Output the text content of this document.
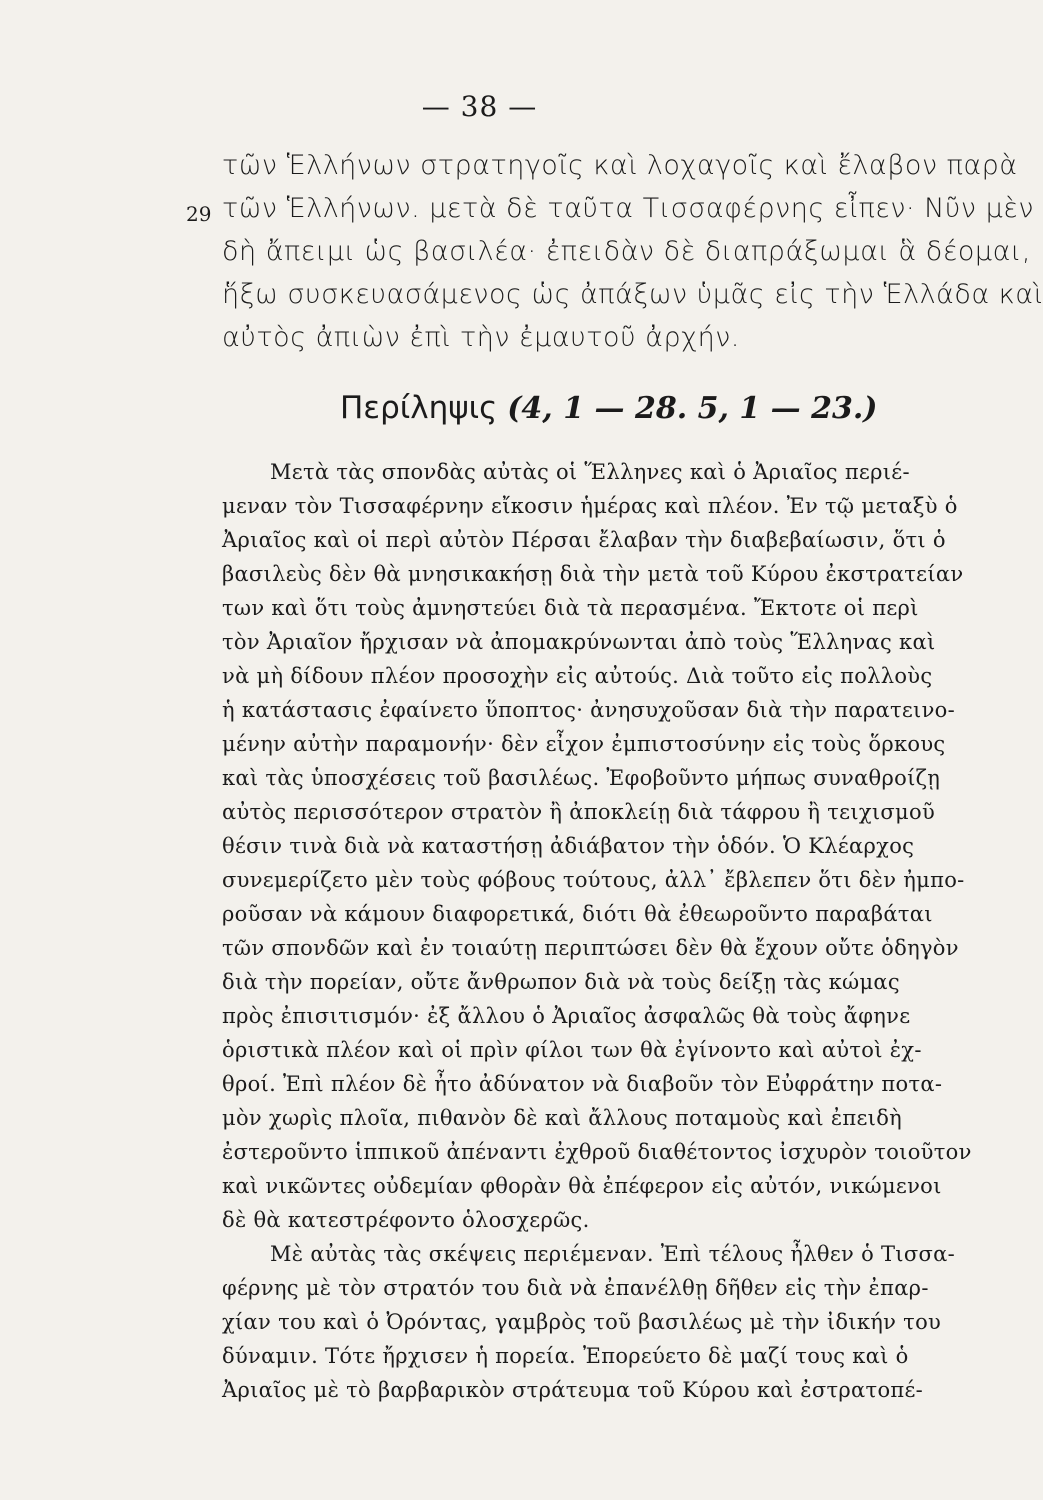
— 38 —
29
τῶν Ἑλλήνων στρατηγοῖς καὶ λοχαγοῖς καὶ ἔλαβον παρὰ
τῶν Ἑλλήνων. μετὰ δὲ ταῦτα Τισσαφέρνης εἶπεν· Νῦν μὲν
δὴ ἄπειμι ὡς βασιλέα· ἐπειδὰν δὲ διαπράξωμαι ἃ δέομαι,
ἥξω συσκευασάμενος ὡς ἀπάξων ὑμᾶς εἰς τὴν Ἑλλάδα καὶ
αὐτὸς ἀπιὼν ἐπὶ τὴν ἐμαυτοῦ ἀρχήν.
Περίληψις (4, 1 — 28. 5, 1 — 23.)
Μετὰ τὰς σπονδὰς αὐτὰς οἱ Ἕλληνες καὶ ὁ Ἀριαῖος περιέ-
μεναν τὸν Τισσαφέρνην εἴκοσιν ἡμέρας καὶ πλέον. Ἐν τῷ μεταξὺ ὁ
Ἀριαῖος καὶ οἱ περὶ αὐτὸν Πέρσαι ἔλαβαν τὴν διαβεβαίωσιν, ὅτι ὁ
βασιλεὺς δὲν θὰ μνησικακήσῃ διὰ τὴν μετὰ τοῦ Κύρου ἐκστρατείαν
των καὶ ὅτι τοὺς ἀμνηστεύει διὰ τὰ περασμένα. Ἔκτοτε οἱ περὶ
τὸν Ἀριαῖον ἤρχισαν νὰ ἀπομακρύνωνται ἀπὸ τοὺς Ἕλληνας καὶ
νὰ μὴ δίδουν πλέον προσοχὴν εἰς αὐτούς. Διὰ τοῦτο εἰς πολλοὺς
ἡ κατάστασις ἐφαίνετο ὕποπτος· ἀνησυχοῦσαν διὰ τὴν παρατεινο-
μένην αὐτὴν παραμονήν· δὲν εἶχον ἐμπιστοσύνην εἰς τοὺς ὅρκους
καὶ τὰς ὑποσχέσεις τοῦ βασιλέως. Ἐφοβοῦντο μήπως συναθροίζῃ
αὐτὸς περισσότερον στρατὸν ἢ ἀποκλείῃ διὰ τάφρου ἢ τειχισμοῦ
θέσιν τινὰ διὰ νὰ καταστήσῃ ἀδιάβατον τὴν ὁδόν. Ὁ Κλέαρχος
συνεμερίζετο μὲν τοὺς φόβους τούτους, ἀλλ᾽ ἔβλεπεν ὅτι δὲν ἠμπο-
ροῦσαν νὰ κάμουν διαφορετικά, διότι θὰ ἐθεωροῦντο παραβάται
τῶν σπονδῶν καὶ ἐν τοιαύτῃ περιπτώσει δὲν θὰ ἔχουν οὔτε ὁδηγὸν
διὰ τὴν πορείαν, οὔτε ἄνθρωπον διὰ νὰ τοὺς δείξῃ τὰς κώμας
πρὸς ἐπισιτισμόν· ἐξ ἄλλου ὁ Ἀριαῖος ἀσφαλῶς θὰ τοὺς ἄφηνε
ὁριστικὰ πλέον καὶ οἱ πρὶν φίλοι των θὰ ἐγίνοντο καὶ αὐτοὶ ἐχ-
θροί. Ἐπὶ πλέον δὲ ἦτο ἀδύνατον νὰ διαβοῦν τὸν Εὐφράτην ποτα-
μὸν χωρὶς πλοῖα, πιθανὸν δὲ καὶ ἄλλους ποταμοὺς καὶ ἐπειδὴ
ἐστεροῦντο ἱππικοῦ ἀπέναντι ἐχθροῦ διαθέτοντος ἰσχυρὸν τοιοῦτον
καὶ νικῶντες οὐδεμίαν φθορὰν θὰ ἐπέφερον εἰς αὐτόν, νικώμενοι
δὲ θὰ κατεστρέφοντο ὁλοσχερῶς.
Μὲ αὐτὰς τὰς σκέψεις περιέμεναν. Ἐπὶ τέλους ἦλθεν ὁ Τισσα-
φέρνης μὲ τὸν στρατόν του διὰ νὰ ἐπανέλθῃ δῆθεν εἰς τὴν ἐπαρ-
χίαν του καὶ ὁ Ὀρόντας, γαμβρὸς τοῦ βασιλέως μὲ τὴν ἰδικήν του
δύναμιν. Τότε ἤρχισεν ἡ πορεία. Ἐπορεύετο δὲ μαζί τους καὶ ὁ
Ἀριαῖος μὲ τὸ βαρβαρικὸν στράτευμα τοῦ Κύρου καὶ ἐστρατοπέ-
